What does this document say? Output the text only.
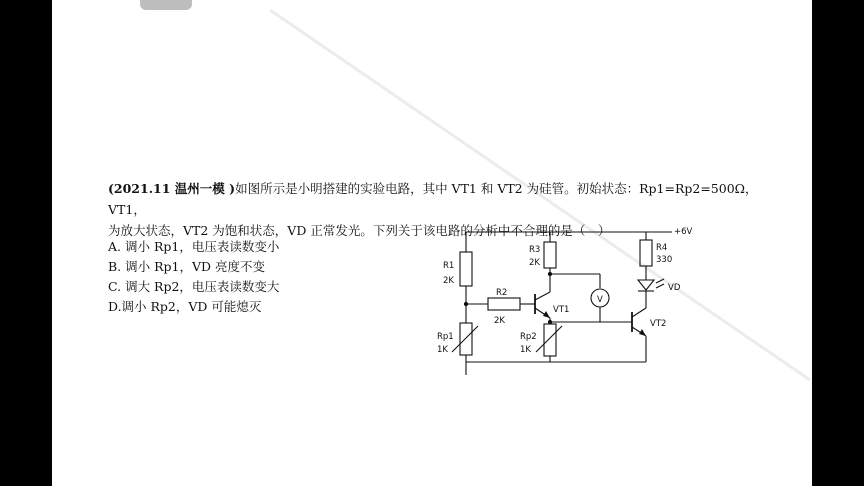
(2021.11 温州一模 )如图所示是小明搭建的实验电路，其中 VT1 和 VT2 为硅管。初始状态：Rp1=Rp2=500Ω，VT1，
为放大状态，VT2 为饱和状态，VD 正常发光。下列关于该电路的分析中不合理的是（　）
A. 调小 Rp1，电压表读数变小
B. 调小 Rp1，VD 亮度不变
C. 调大 Rp2，电压表读数变大
D.调小 Rp2，VD 可能熄灭
+6V
R1
2K
Rp1
1K
R2
2K
R3
2K
VT1
Rp2
1K
V
R4
330
VD
VT2
